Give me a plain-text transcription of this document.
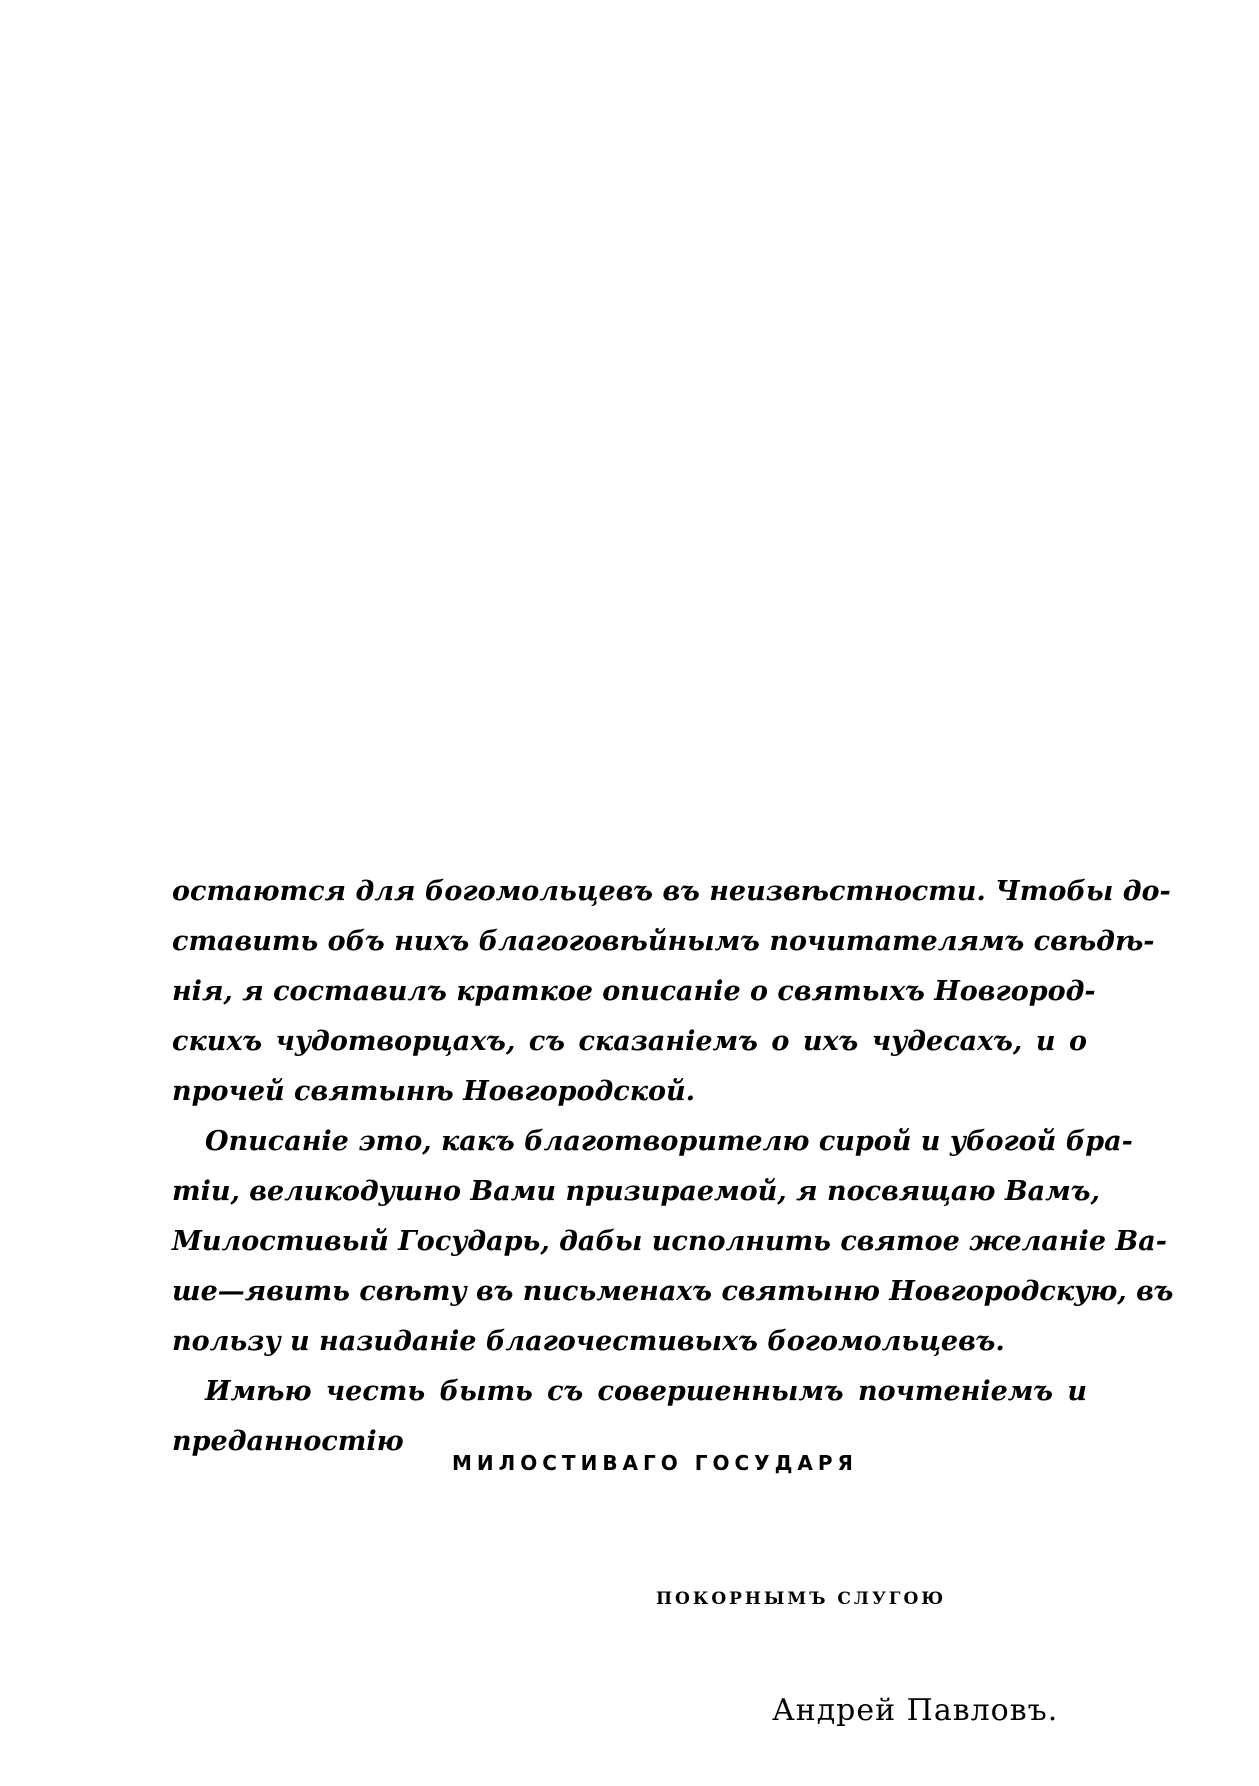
остаются для богомольцевъ въ неизвѣстности. Чтобы до-
ставить объ нихъ благоговѣйнымъ почитателямъ свѣдѣ-
нія, я составилъ краткое описаніе о святыхъ Новгород-
скихъ чудотворцахъ, съ сказаніемъ о ихъ чудесахъ, и о
прочей святынѣ Новгородской.
Описаніе это, какъ благотворителю сирой и убогой бра-
тіи, великодушно Вами призираемой, я посвящаю Вамъ,
Милостивый Государь, дабы исполнить святое желаніе Ва-
ше—явить свѣту въ письменахъ святыню Новгородскую, въ
пользу и назиданіе благочестивыхъ богомольцевъ.
Имѣю честь быть съ совершеннымъ почтеніемъ и
преданностію
МИЛОСТИВАГО ГОСУДАРЯ
ПОКОРНЫМЪ СЛУГОЮ
Андрей Павловъ.
